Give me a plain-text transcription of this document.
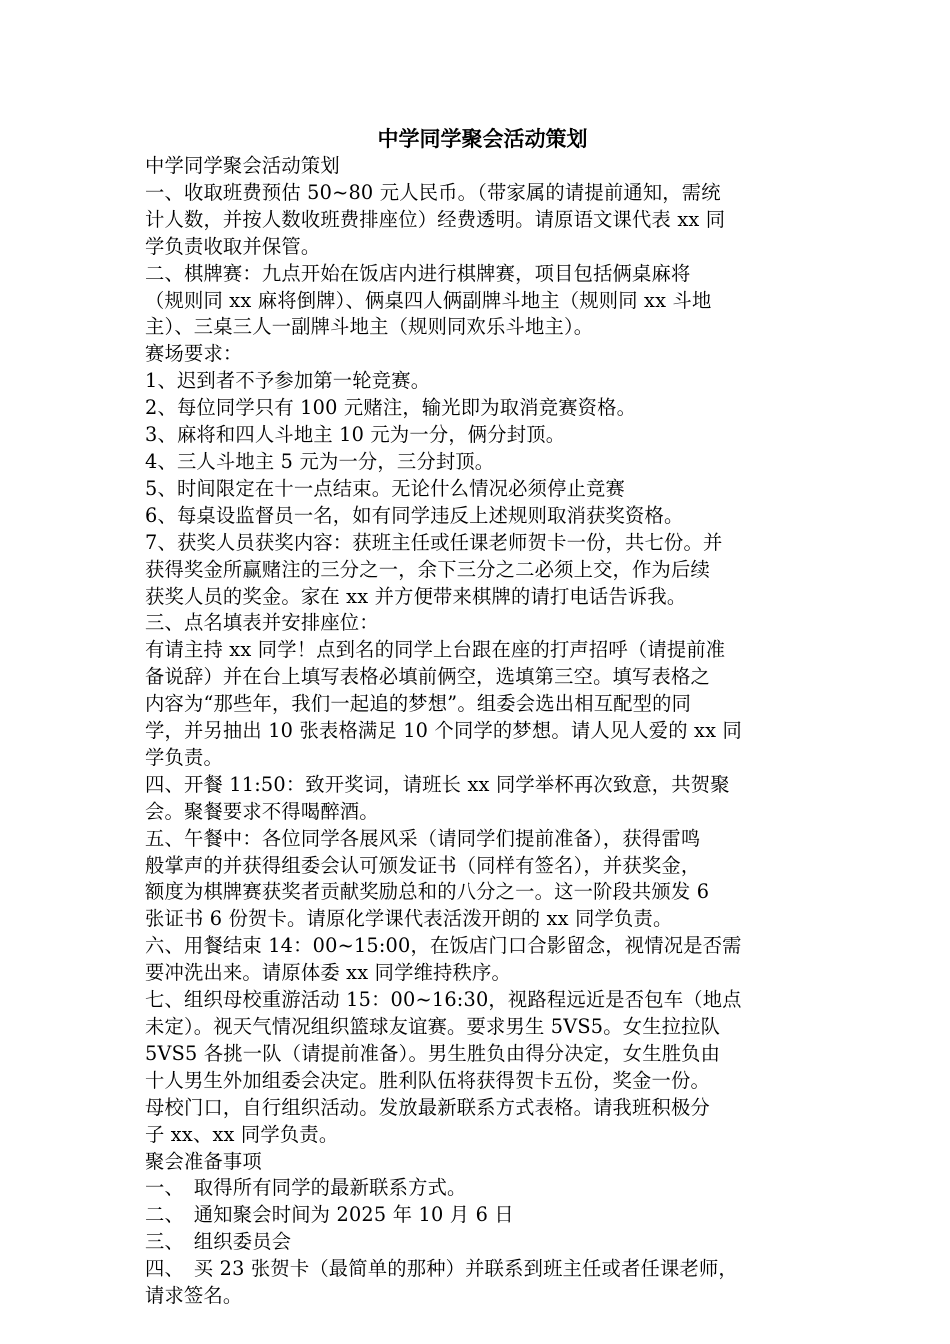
中学同学聚会活动策划

中学同学聚会活动策划

一、收取班费预估 50~80 元人民币。（带家属的请提前通知，需统

计人数，并按人数收班费排座位）经费透明。请原语文课代表 xx 同

学负责收取并保管。

二、棋牌赛：九点开始在饭店内进行棋牌赛，项目包括俩桌麻将

（规则同 xx 麻将倒牌）、俩桌四人俩副牌斗地主（规则同 xx 斗地

主）、三桌三人一副牌斗地主（规则同欢乐斗地主）。

赛场要求：

1、迟到者不予参加第一轮竞赛。

2、每位同学只有 100 元赌注，输光即为取消竞赛资格。

3、麻将和四人斗地主 10 元为一分，俩分封顶。

4、三人斗地主 5 元为一分，三分封顶。

5、时间限定在十一点结束。无论什么情况必须停止竞赛

6、每桌设监督员一名，如有同学违反上述规则取消获奖资格。

7、获奖人员获奖内容：获班主任或任课老师贺卡一份，共七份。并

获得奖金所赢赌注的三分之一，余下三分之二必须上交，作为后续

获奖人员的奖金。家在 xx 并方便带来棋牌的请打电话告诉我。

三、点名填表并安排座位：

有请主持 xx 同学！点到名的同学上台跟在座的打声招呼（请提前准

备说辞）并在台上填写表格必填前俩空，选填第三空。填写表格之

内容为“那些年，我们一起追的梦想”。组委会选出相互配型的同

学，并另抽出 10 张表格满足 10 个同学的梦想。请人见人爱的 xx 同

学负责。

四、开餐 11:50：致开奖词，请班长 xx 同学举杯再次致意，共贺聚

会。聚餐要求不得喝醉酒。

五、午餐中：各位同学各展风采（请同学们提前准备），获得雷鸣

般掌声的并获得组委会认可颁发证书（同样有签名），并获奖金，

额度为棋牌赛获奖者贡献奖励总和的八分之一。这一阶段共颁发 6

张证书 6 份贺卡。请原化学课代表活泼开朗的 xx 同学负责。

六、用餐结束 14：00~15:00，在饭店门口合影留念，视情况是否需

要冲洗出来。请原体委 xx 同学维持秩序。

七、组织母校重游活动 15：00~16:30，视路程远近是否包车（地点

未定）。视天气情况组织篮球友谊赛。要求男生 5VS5。女生拉拉队

5VS5 各挑一队（请提前准备）。男生胜负由得分决定，女生胜负由

十人男生外加组委会决定。胜利队伍将获得贺卡五份，奖金一份。

母校门口，自行组织活动。发放最新联系方式表格。请我班积极分

子 xx、xx 同学负责。

聚会准备事项

一、　取得所有同学的最新联系方式。

二、　通知聚会时间为 2025 年 10 月 6 日

三、　组织委员会

四、　买 23 张贺卡（最简单的那种）并联系到班主任或者任课老师，

请求签名。
